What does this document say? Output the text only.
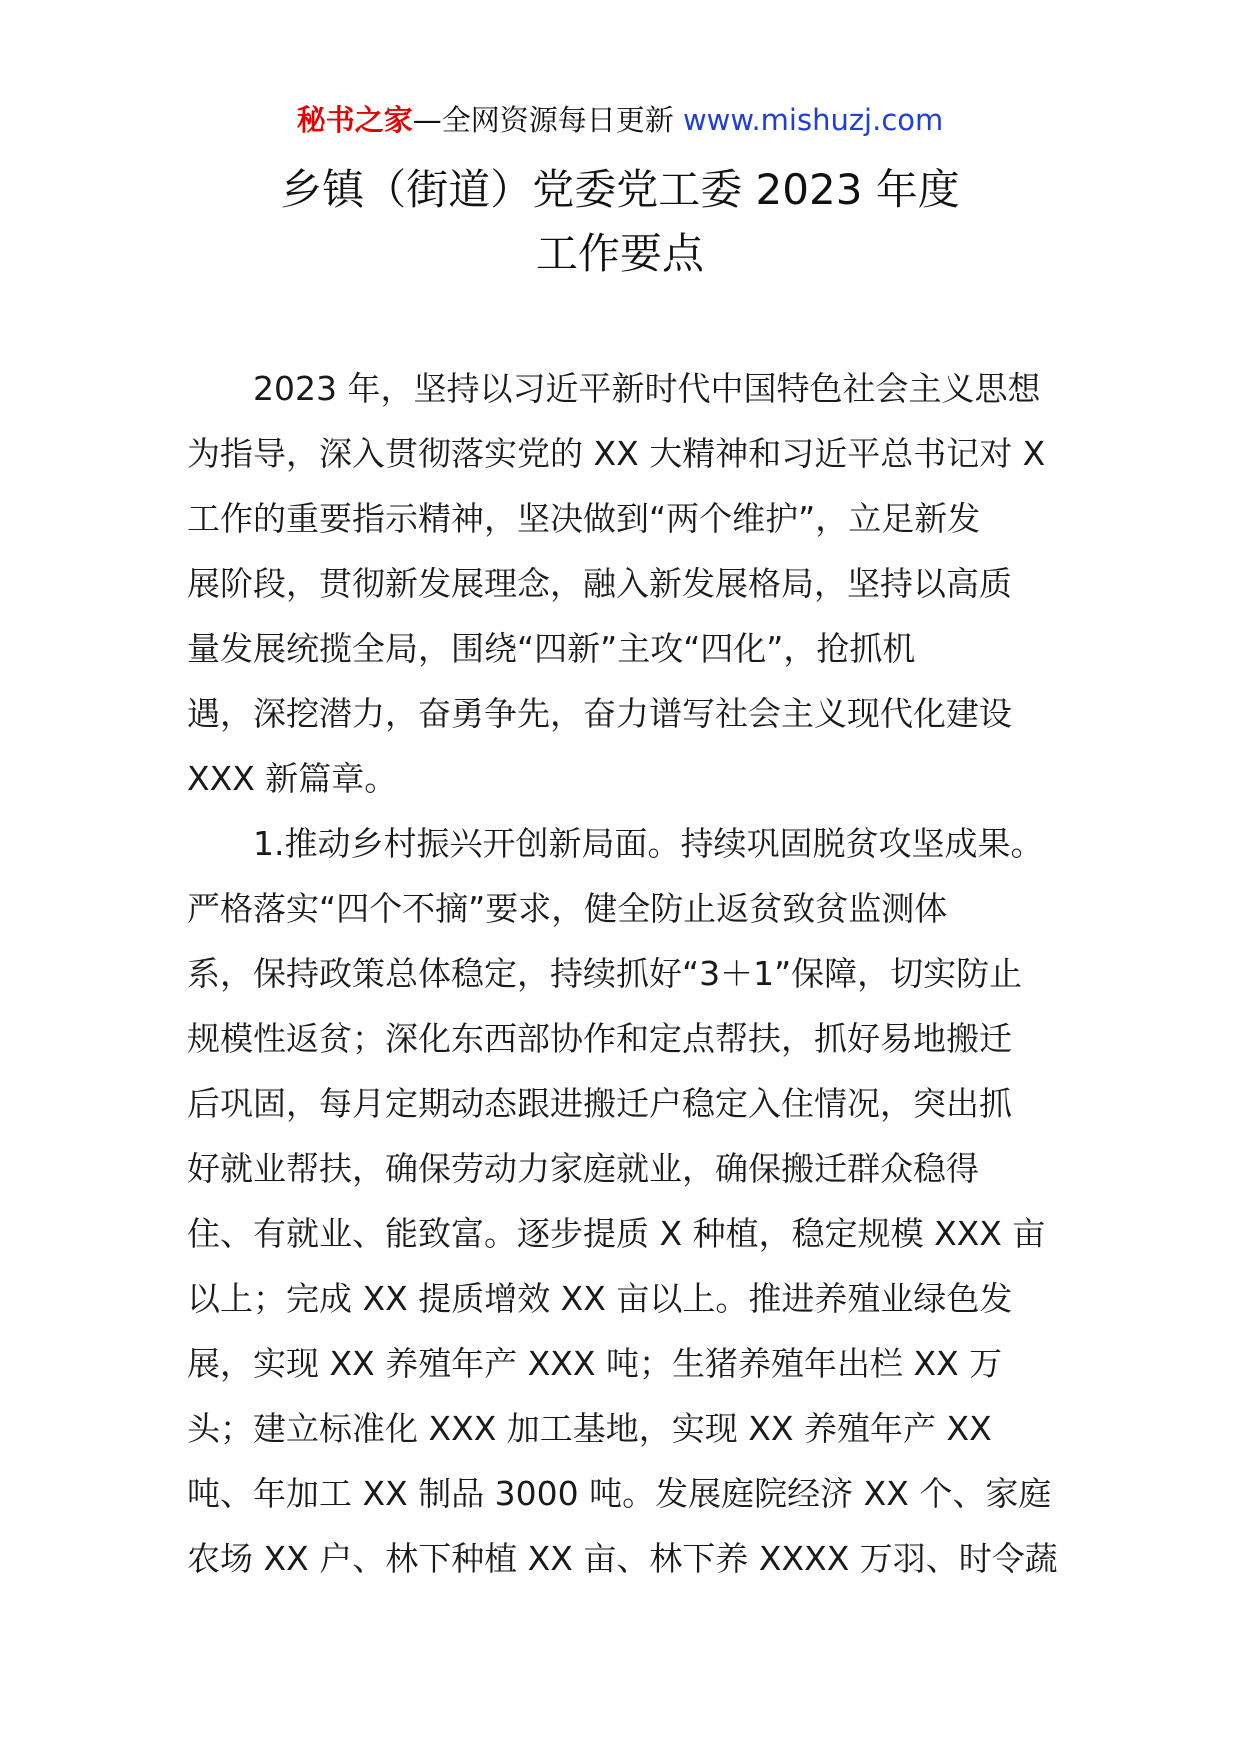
秘书之家—全网资源每日更新 www.mishuzj.com
乡镇（街道）党委党工委 2023 年度
工作要点
2023 年，坚持以习近平新时代中国特色社会主义思想
为指导，深入贯彻落实党的 XX 大精神和习近平总书记对 X
工作的重要指示精神，坚决做到“两个维护”，立足新发
展阶段，贯彻新发展理念，融入新发展格局，坚持以高质
量发展统揽全局，围绕“四新”主攻“四化”，抢抓机
遇，深挖潜力，奋勇争先，奋力谱写社会主义现代化建设
XXX 新篇章。
1.推动乡村振兴开创新局面。持续巩固脱贫攻坚成果。
严格落实“四个不摘”要求，健全防止返贫致贫监测体
系，保持政策总体稳定，持续抓好“3＋1”保障，切实防止
规模性返贫；深化东西部协作和定点帮扶，抓好易地搬迁
后巩固，每月定期动态跟进搬迁户稳定入住情况，突出抓
好就业帮扶，确保劳动力家庭就业，确保搬迁群众稳得
住、有就业、能致富。逐步提质 X 种植，稳定规模 XXX 亩
以上；完成 XX 提质增效 XX 亩以上。推进养殖业绿色发
展，实现 XX 养殖年产 XXX 吨；生猪养殖年出栏 XX 万
头；建立标准化 XXX 加工基地，实现 XX 养殖年产 XX
吨、年加工 XX 制品 3000 吨。发展庭院经济 XX 个、家庭
农场 XX 户、林下种植 XX 亩、林下养 XXXX 万羽、时令蔬
